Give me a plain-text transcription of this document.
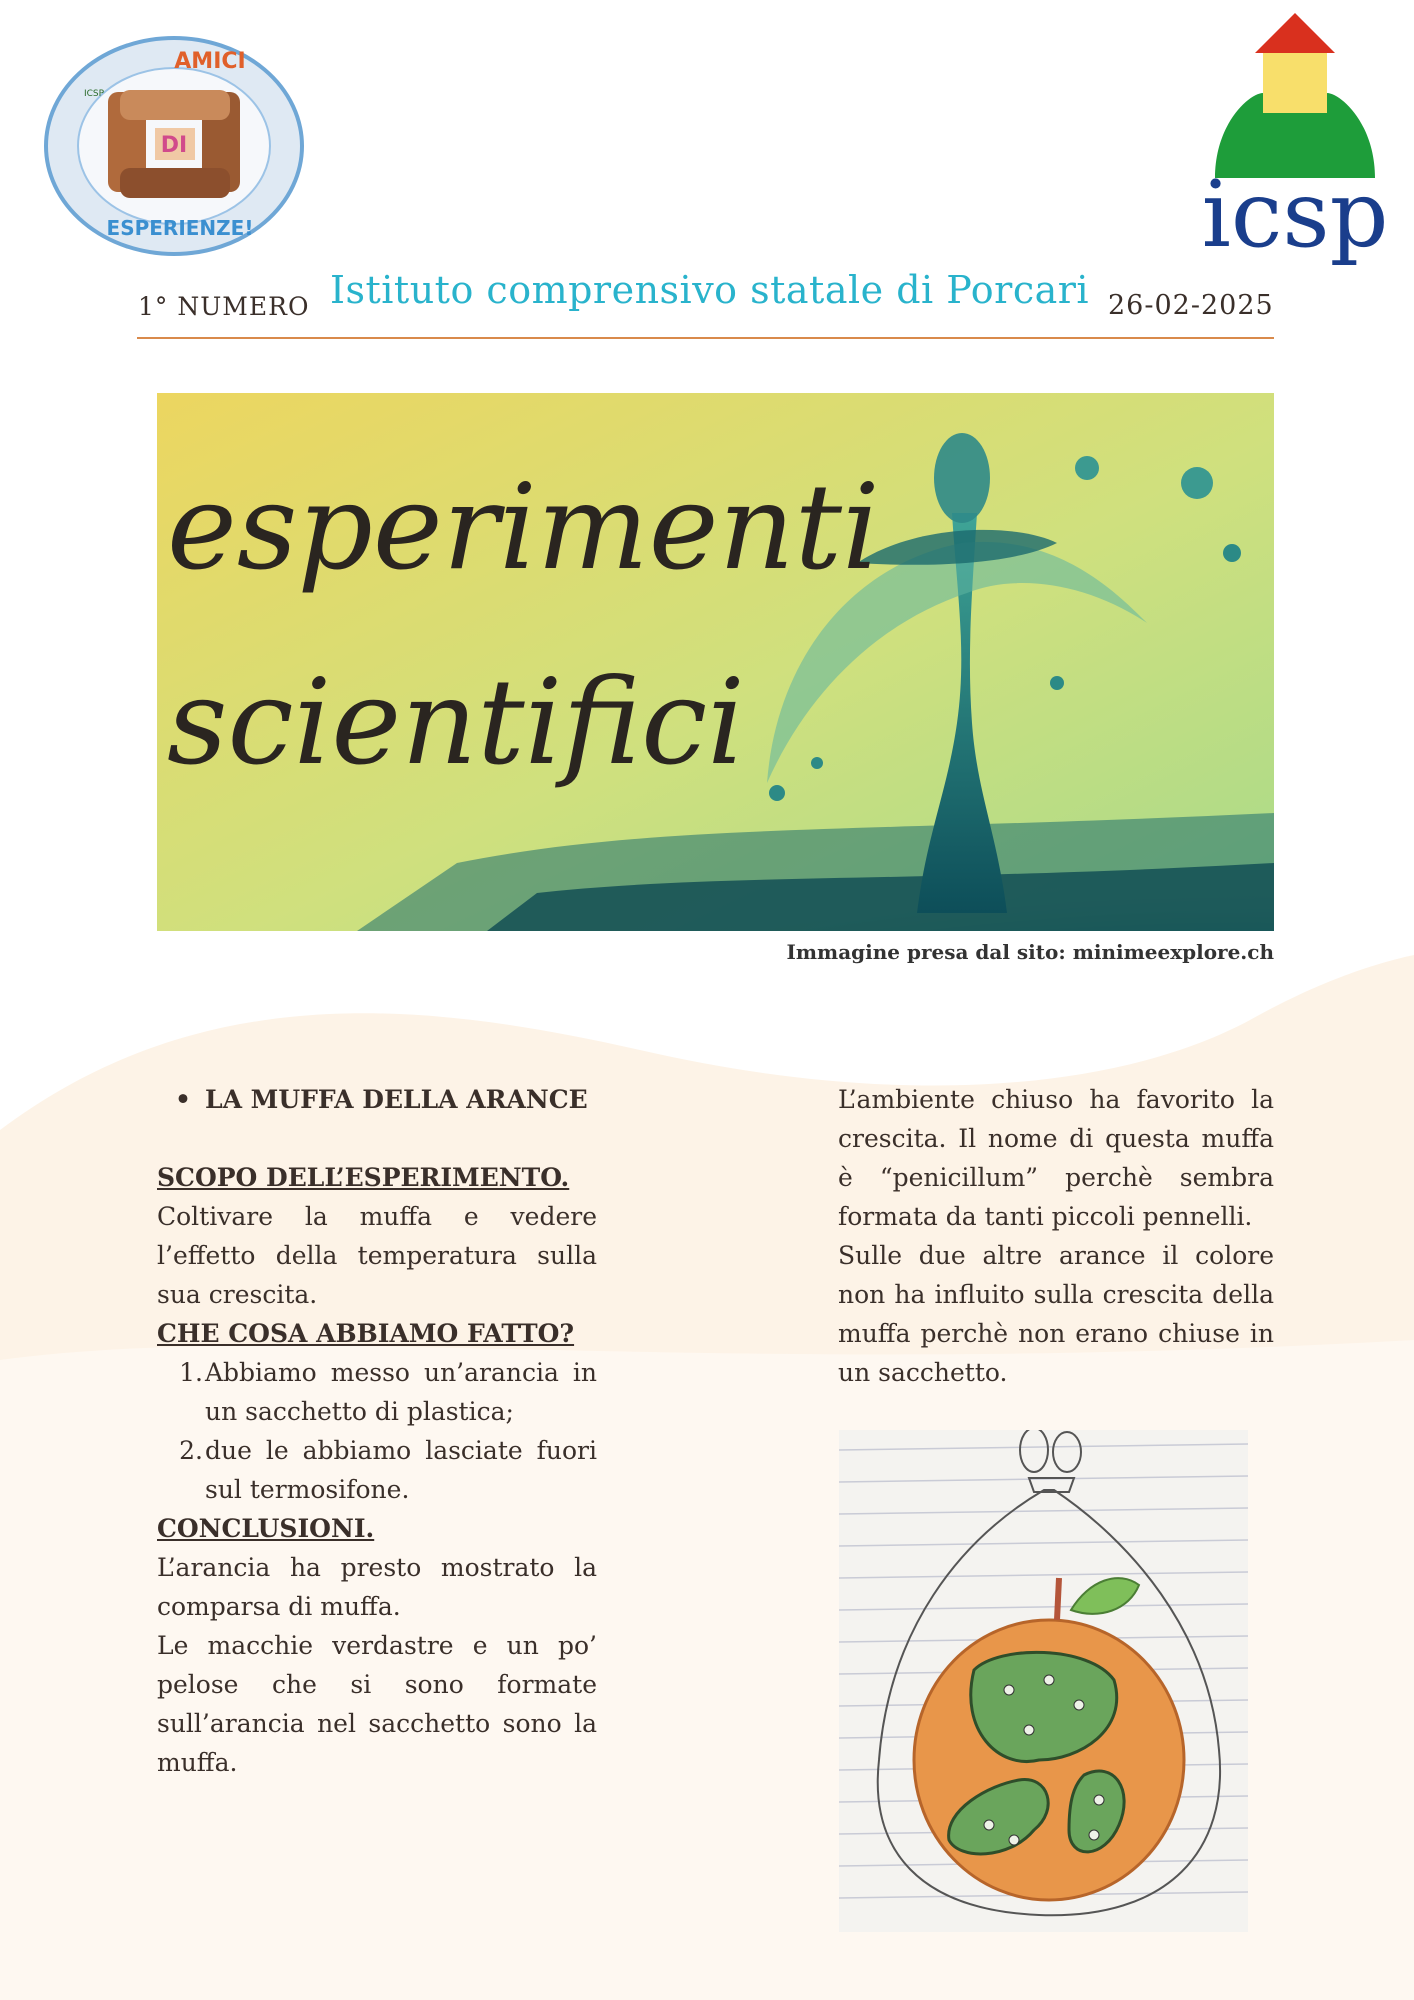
DI
AMICI
ESPERIENZE!
ICSP
icsp
1° NUMERO Istituto comprensivo statale di Porcari 26-02-2025
esperimenti
scientifici
Immagine presa dal sito: minimeexplore.ch
• LA MUFFA DELLA ARANCE

SCOPO DELL’ESPERIMENTO.

Coltivare la muffa e vedere l’effetto della temperatura sulla sua crescita.

CHE COSA ABBIAMO FATTO?

1. Abbiamo messo un’arancia in un sacchetto di plastica;
2. due le abbiamo lasciate fuori sul termosifone.

CONCLUSIONI.

L’arancia ha presto mostrato la comparsa di muffa.

Le macchie verdastre e un po’ pelose che si sono formate sull’arancia nel sacchetto sono la muffa.

L’ambiente chiuso ha favorito la crescita. Il nome di questa muffa è “penicillum” perchè sembra formata da tanti piccoli pennelli.

Sulle due altre arance il colore non ha influito sulla crescita della muffa perchè non erano chiuse in un sacchetto.
